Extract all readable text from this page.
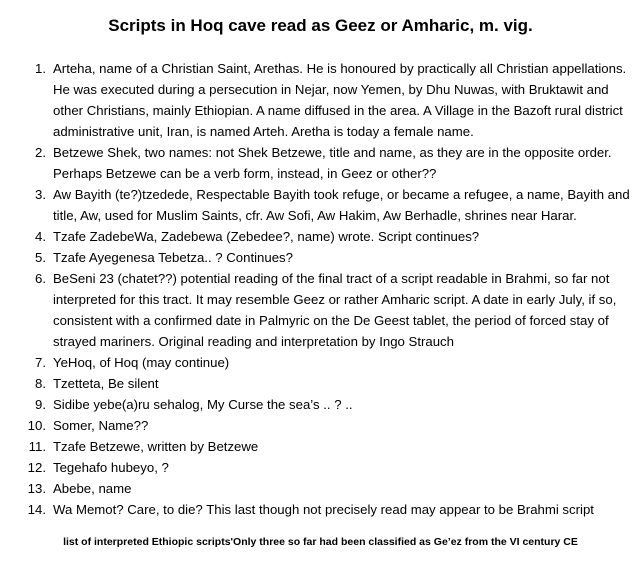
Scripts in Hoq cave read as Geez or Amharic, m. vig.
1. Arteha, name of a Christian Saint, Arethas. He is honoured by practically all Christian appellations. He was executed during a persecution in Nejar, now Yemen, by Dhu Nuwas, with Bruktawit and other Christians, mainly Ethiopian. A name diffused in the area. A Village in the Bazoft rural district administrative unit, Iran, is named Arteh. Aretha is today a female name.
2. Betzewe Shek, two names: not Shek Betzewe, title and name, as they are in the opposite order. Perhaps Betzewe can be a verb form, instead, in Geez or other??
3. Aw Bayith (te?)tzedede, Respectable Bayith took refuge, or became a refugee, a name, Bayith and title, Aw, used for Muslim Saints, cfr. Aw Sofi, Aw Hakim, Aw Berhadle, shrines near Harar.
4. Tzafe ZadebeWa, Zadebewa (Zebedee?, name) wrote. Script continues?
5. Tzafe Ayegenesa Tebetza.. ? Continues?
6. BeSeni 23 (chatet??) potential reading of the final tract of a script readable in Brahmi, so far not interpreted for this tract. It may resemble Geez or rather Amharic script. A date in early July, if so, consistent with a confirmed date in Palmyric on the De Geest tablet, the period of forced stay of strayed mariners. Original reading and interpretation by Ingo Strauch
7. YeHoq, of Hoq (may continue)
8. Tzetteta, Be silent
9. Sidibe yebe(a)ru sehalog, My Curse the sea’s .. ? ..
10. Somer, Name??
11. Tzafe Betzewe, written by Betzewe
12. Tegehafo hubeyo, ?
13. Abebe, name
14. Wa Memot? Care, to die? This last though not precisely read may appear to be Brahmi script
list of interpreted Ethiopic scripts'Only three so far had been classified as Ge’ez from the VI century CE
